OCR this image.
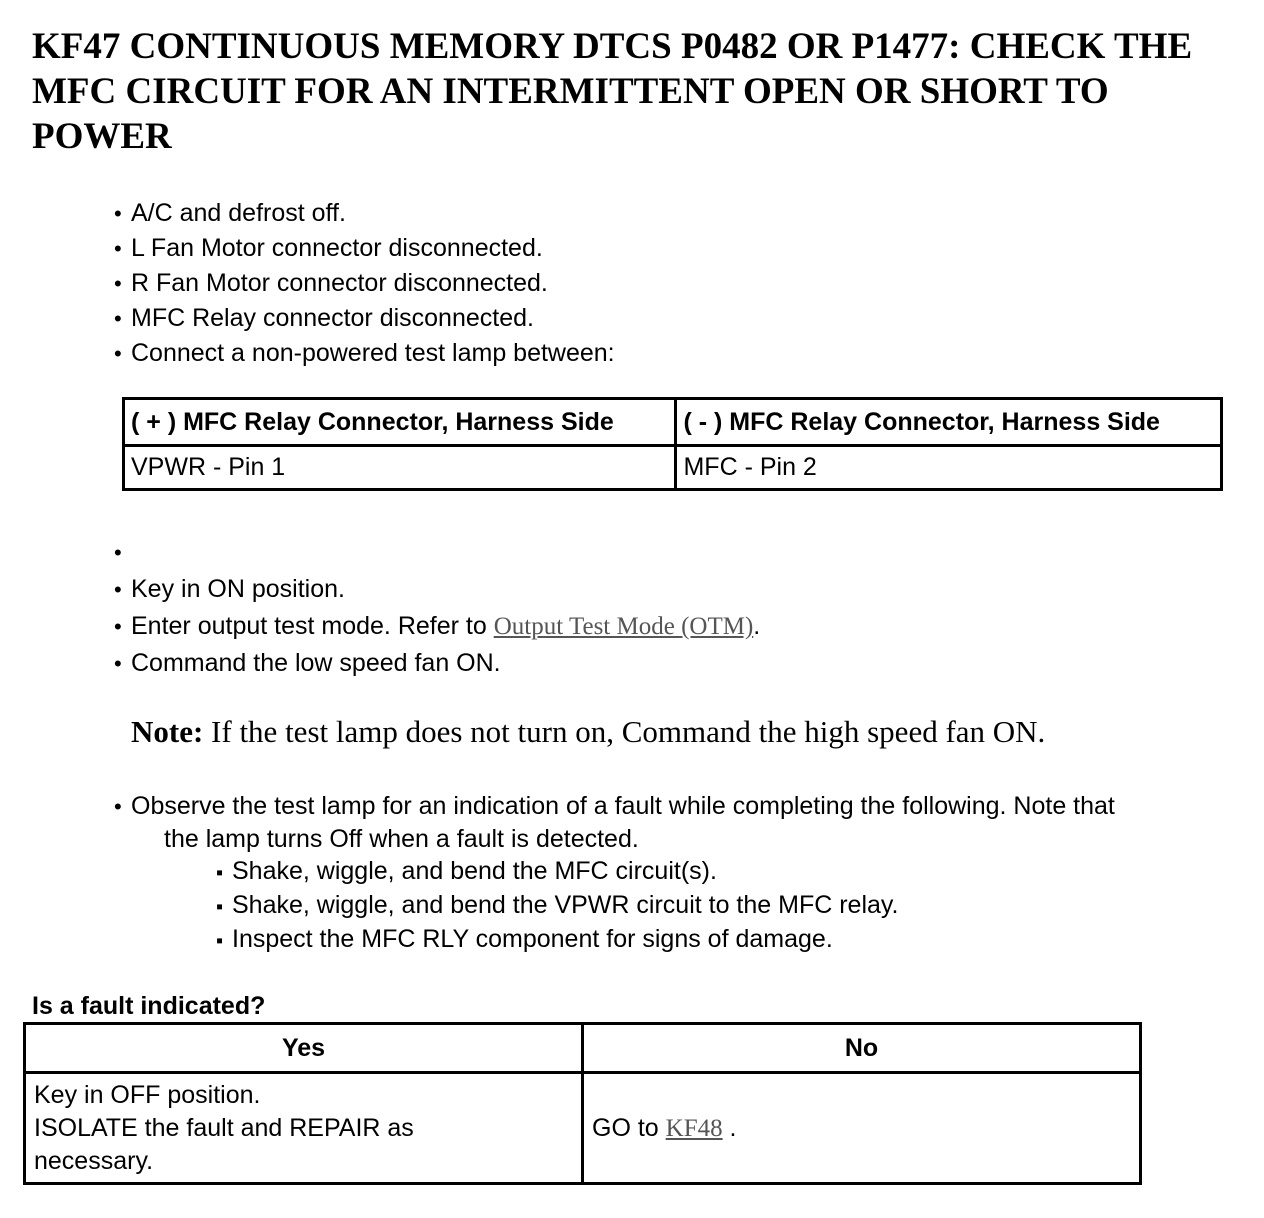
KF47 CONTINUOUS MEMORY DTCS P0482 OR P1477: CHECK THE MFC CIRCUIT FOR AN INTERMITTENT OPEN OR SHORT TO POWER
• A/C and defrost off.
• L Fan Motor connector disconnected.
• R Fan Motor connector disconnected.
• MFC Relay connector disconnected.
• Connect a non-powered test lamp between:
( + ) MFC Relay Connector, Harness Side	( - ) MFC Relay Connector, Harness Side
VPWR - Pin 1	MFC - Pin 2
•
• Key in ON position.
• Enter output test mode. Refer to Output Test Mode (OTM).
• Command the low speed fan ON.

Note: If the test lamp does not turn on, Command the high speed fan ON.

• Observe the test lamp for an indication of a fault while completing the following. Note that
the lamp turns Off when a fault is detected.
▪ Shake, wiggle, and bend the MFC circuit(s).
▪ Shake, wiggle, and bend the VPWR circuit to the MFC relay.
▪ Inspect the MFC RLY component for signs of damage.

Is a fault indicated?

Yes	No

Key in OFF position.
ISOLATE the fault and REPAIR as
necessary.	GO to KF48 .
